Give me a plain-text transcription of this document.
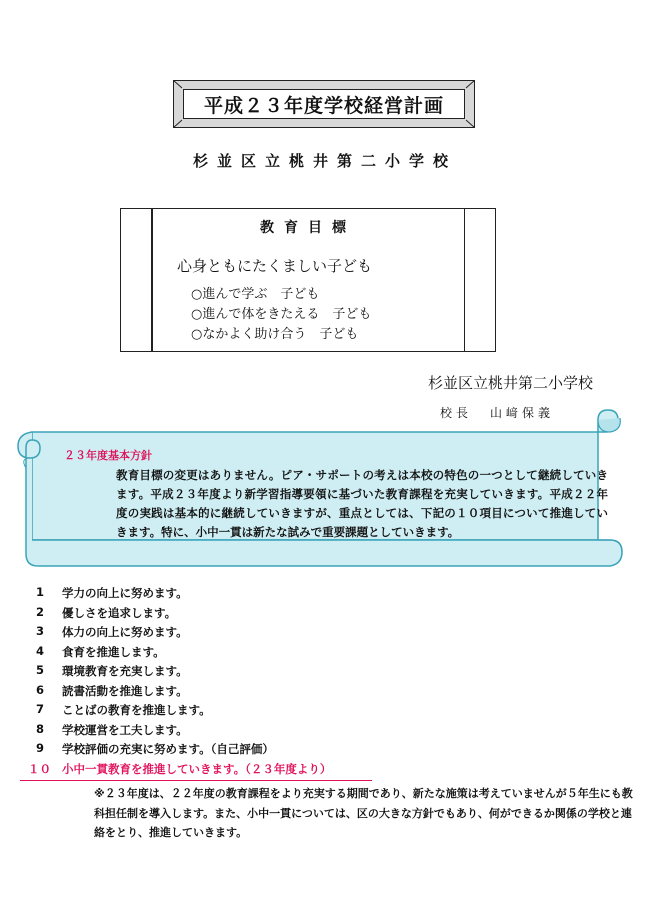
平成２３年度学校経営計画
杉並区立桃井第二小学校
教育目標
心身ともにたくましい子ども
○進んで学ぶ　子ども
○進んで体をきたえる　子ども
○なかよく助け合う　子ども
杉並区立桃井第二小学校
校長 山﨑保義
２３年度基本方針
教育目標の変更はありません。ピア・サポートの考えは本校の特色の一つとして継続していきます。平成２３年度より新学習指導要領に基づいた教育課程を充実していきます。平成２２年度の実践は基本的に継続していきますが、重点としては、下記の１０項目について推進していきます。特に、小中一貫は新たな試みで重要課題としていきます。
1	学力の向上に努めます。
2	優しさを追求します。
3	体力の向上に努めます。
4	食育を推進します。
5	環境教育を充実します。
6	読書活動を推進します。
7	ことばの教育を推進します。
8	学校運営を工夫します。
9	学校評価の充実に努めます。（自己評価）
１０ 小中一貫教育を推進していきます。（２３年度より）
※２３年度は、２２年度の教育課程をより充実する期間であり、新たな施策は考えていませんが５年生にも教科担任制を導入します。また、小中一貫については、区の大きな方針でもあり、何ができるか関係の学校と連絡をとり、推進していきます。
